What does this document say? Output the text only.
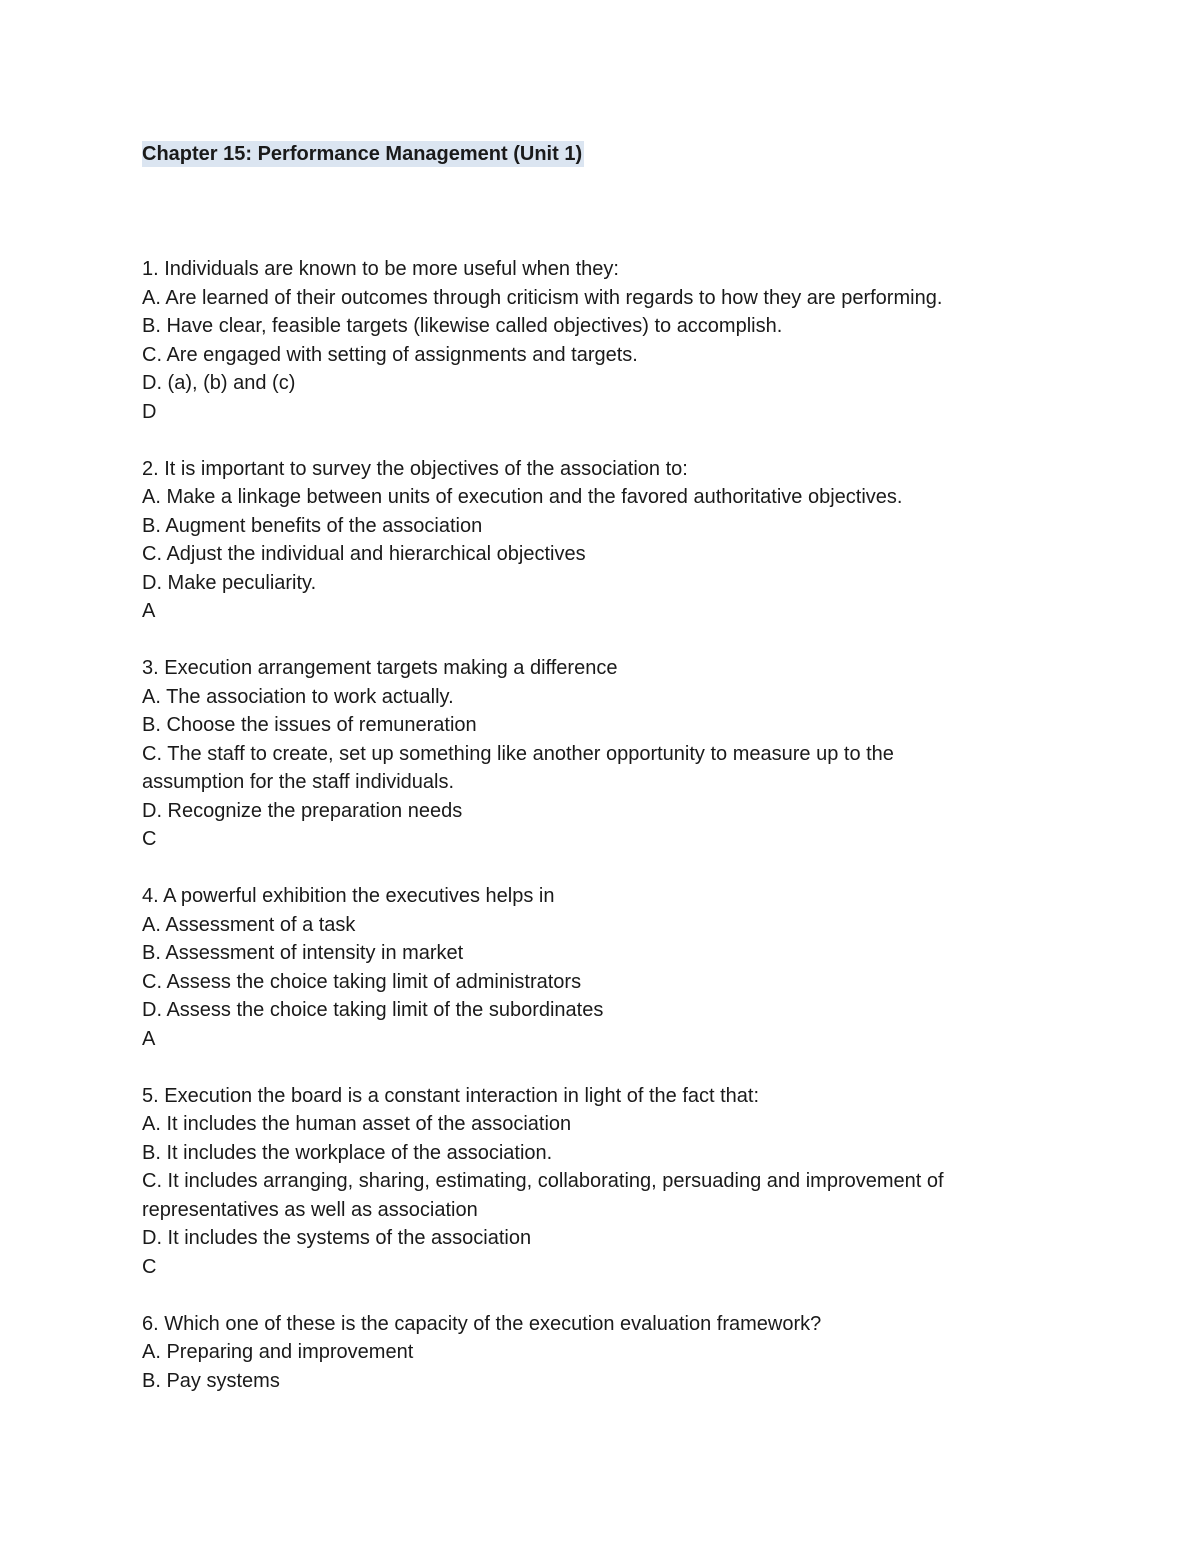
Chapter 15: Performance Management (Unit 1)
1. Individuals are known to be more useful when they:
A. Are learned of their outcomes through criticism with regards to how they are performing.
B. Have clear, feasible targets (likewise called objectives) to accomplish.
C. Are engaged with setting of assignments and targets.
D. (a), (b) and (c)
D
2. It is important to survey the objectives of the association to:
A. Make a linkage between units of execution and the favored authoritative objectives.
B. Augment benefits of the association
C. Adjust the individual and hierarchical objectives
D. Make peculiarity.
A
3. Execution arrangement targets making a difference
A. The association to work actually.
B. Choose the issues of remuneration
C. The staff to create, set up something like another opportunity to measure up to the
assumption for the staff individuals.
D. Recognize the preparation needs
C
4. A powerful exhibition the executives helps in
A. Assessment of a task
B. Assessment of intensity in market
C. Assess the choice taking limit of administrators
D. Assess the choice taking limit of the subordinates
A
5. Execution the board is a constant interaction in light of the fact that:
A. It includes the human asset of the association
B. It includes the workplace of the association.
C. It includes arranging, sharing, estimating, collaborating, persuading and improvement of
representatives as well as association
D. It includes the systems of the association
C
6. Which one of these is the capacity of the execution evaluation framework?
A. Preparing and improvement
B. Pay systems
